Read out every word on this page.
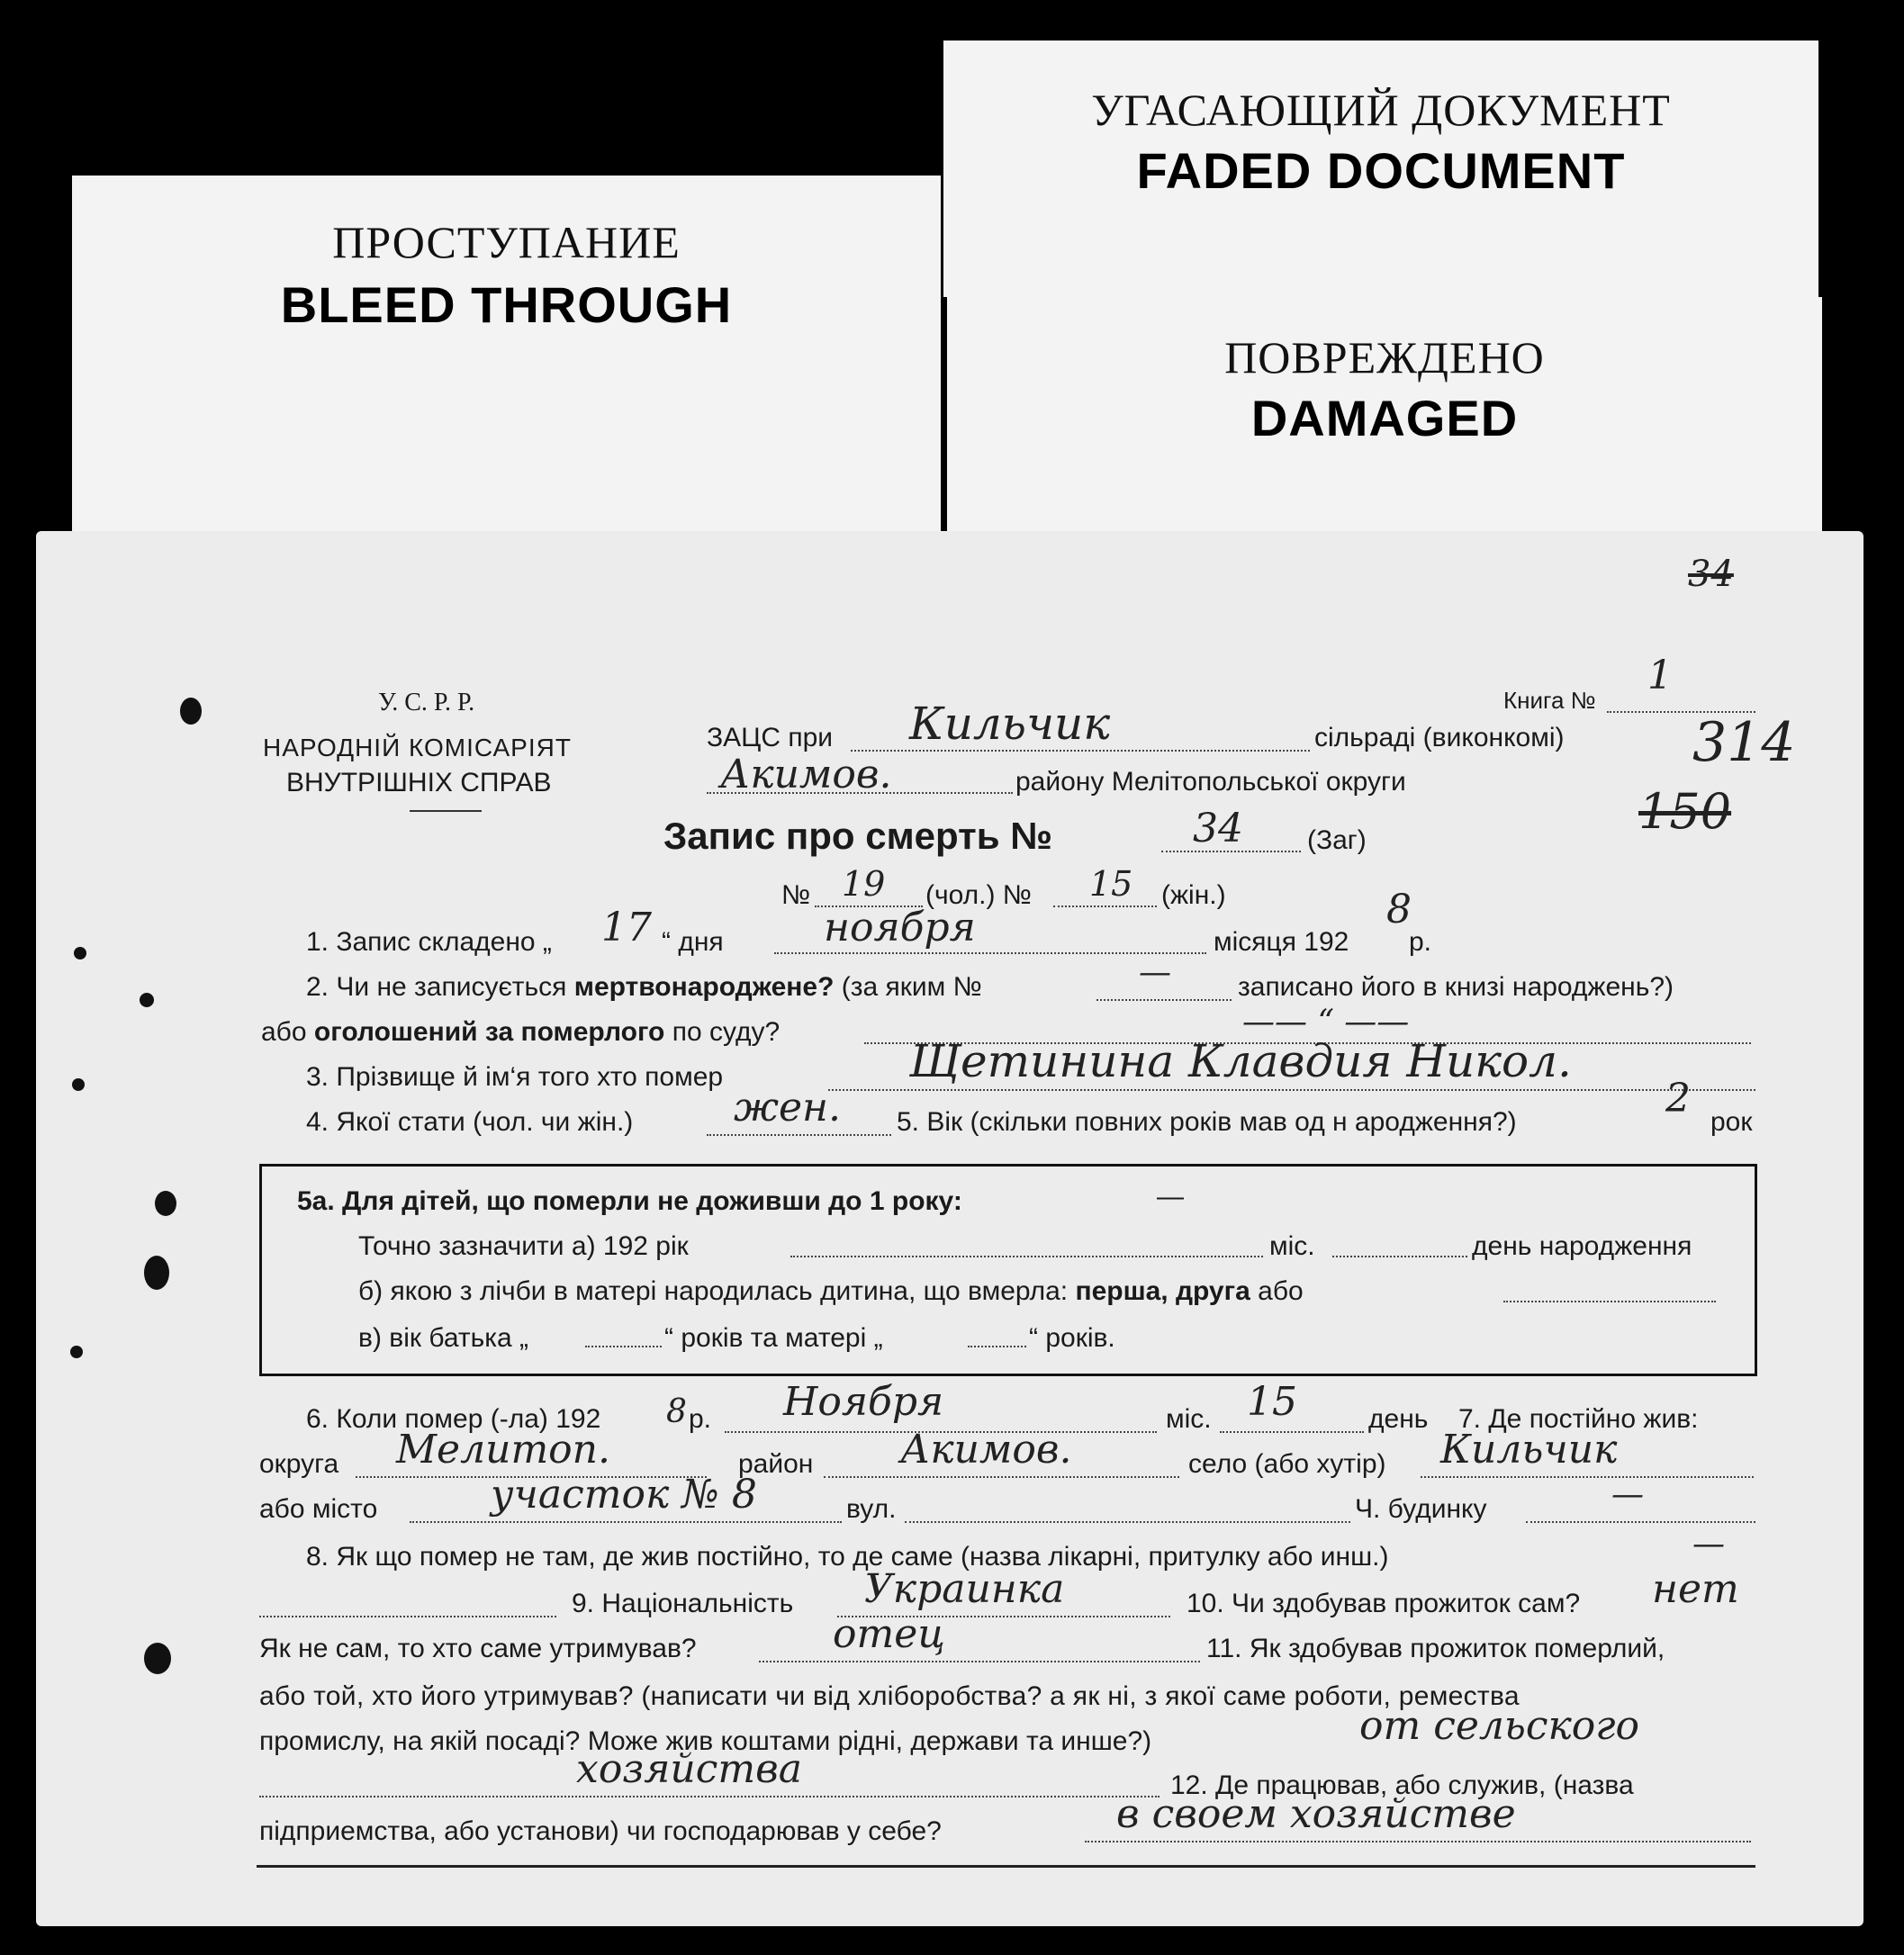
ПРОСТУПАНИЕ
BLEED THROUGH
УГАСАЮЩИЙ ДОКУМЕНТ
FADED DOCUMENT
ПОВРЕЖДЕНО
DAMAGED
34
У. С. Р. Р.
НАРОДНІЙ КОМІСАРІЯТ
ВНУТРІШНІХ СПРАВ
Книга №
1
314
150
ЗАЦС при Кильчик	сільраді (виконкомі)
Акимов.	району Мелітопольської округи
Запис про смерть №	34 (Заг)
№ 19 (чол.) № 15 (жін.)
1. Запис складено „ 17 “ дня	ноября	місяця 192
8
р.
2. Чи не записується мертвонароджене? (за яким №	— записано його в книзі народжень?)
або оголошений за померлого по суду?	—— “ ——
3. Прізвище й ім‘я того хто помер	Щетинина Клавдия Никол.
4. Якої стати (чол. чи жін.)	жен. 5. Вік (скільки повних років мав од н ародження?)
2
рок
5а. Для дітей, що померли не доживши до 1 року:	—
Точно зазначити а) 192 рік	міс.	день народження
б) якою з лічби в матері народилась дитина, що вмерла: перша, друга або
в) вік батька „	“ років та матері „	“ років.
6. Коли помер (-ла) 192 8 р. Ноября	міс. 15	день 7. Де постійно жив:
округа Мелитоп.	район Акимов.	село (або хутір) Кильчик
або місто	участок № 8	вул.	Ч. будинку	—
8. Як що помер не там, де жив постійно, то де саме (назва лікарні, притулку або инш.)	—
9. Національність Украинка	10. Чи здобував прожиток сам? нет
Як не сам, то хто саме утримував?	отец	11. Як здобував прожиток померлий,
або той, хто його утримував? (написати чи від хліборобства? а як ні, з якої саме роботи, ремества
промислу, на якій посаді? Може жив коштами рідні, держави та инше?)	от сельского
хозяйства	12. Де працював, або служив, (назва
підприемства, або установи) чи господарював у себе?	в своем хозяйстве
